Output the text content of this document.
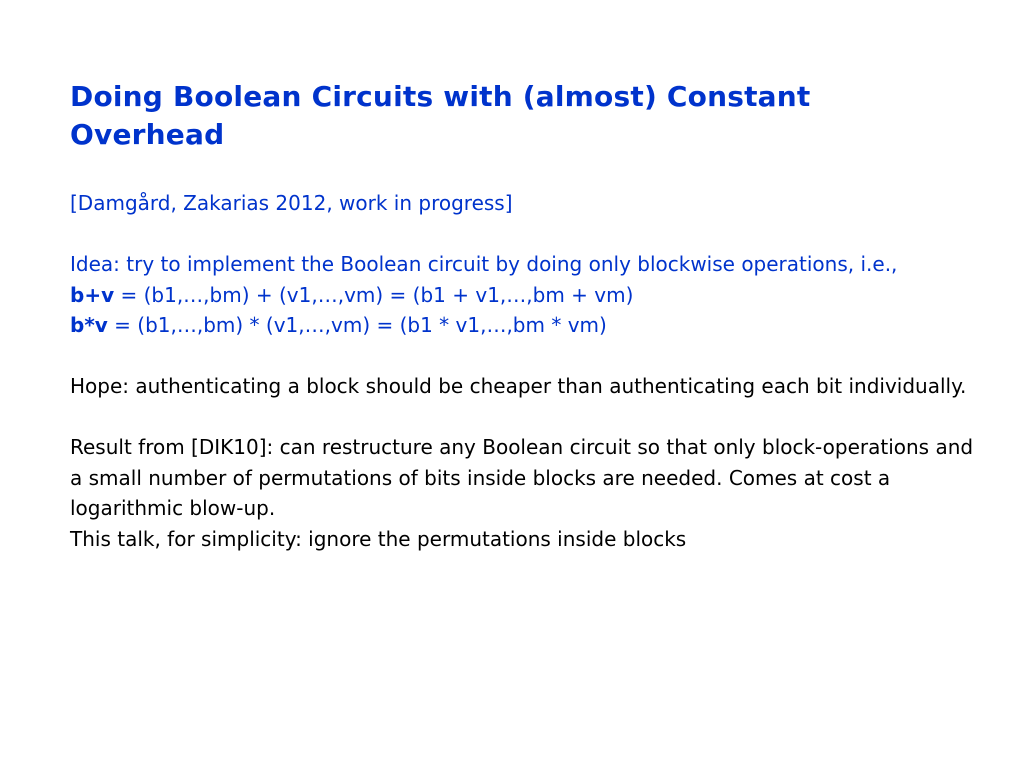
Doing Boolean Circuits with (almost) Constant Overhead

[Damgård, Zakarias 2012, work in progress]

Idea: try to implement the Boolean circuit by doing only blockwise operations, i.e.,

b+v = (b1,…,bm) + (v1,…,vm) = (b1 + v1,…,bm + vm)

b*v = (b1,…,bm) * (v1,…,vm) = (b1 * v1,…,bm * vm)

Hope: authenticating a block should be cheaper than authenticating each bit individually.

Result from [DIK10]: can restructure any Boolean circuit so that only block-operations and a small number of permutations of bits inside blocks are needed. Comes at cost a logarithmic blow-up.

This talk, for simplicity: ignore the permutations inside blocks
